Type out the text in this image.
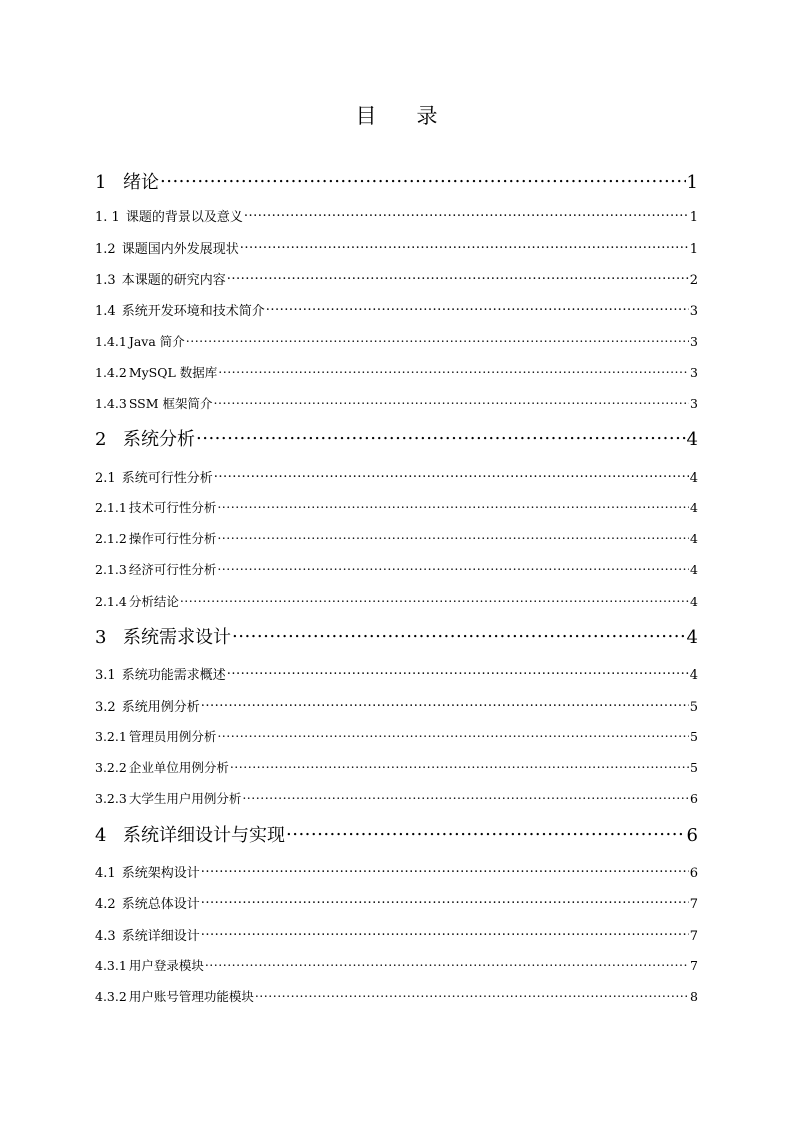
目 录
1 绪论 .....	1
1. 1 课题的背景以及意义 .....	1
1.2 课题国内外发展现状 .....	1
1.3 本课题的研究内容 .....	2
1.4 系统开发环境和技术简介 .....	3
1.4.1 Java 简介 .....	3
1.4.2 MySQL 数据库 .....	3
1.4.3 SSM 框架简介 .....	3
2 系统分析 .....	4
2.1 系统可行性分析 .....	4
2.1.1 技术可行性分析 .....	4
2.1.2 操作可行性分析 .....	4
2.1.3 经济可行性分析 .....	4
2.1.4 分析结论 .....	4
3 系统需求设计 .....	4
3.1 系统功能需求概述 .....	4
3.2 系统用例分析 .....	5
3.2.1 管理员用例分析 .....	5
3.2.2 企业单位用例分析 .....	5
3.2.3 大学生用户用例分析 .....	6
4 系统详细设计与实现 .....	6
4.1 系统架构设计 .....	6
4.2 系统总体设计 .....	7
4.3 系统详细设计 .....	7
4.3.1 用户登录模块 .....	7
4.3.2 用户账号管理功能模块 .....	8
